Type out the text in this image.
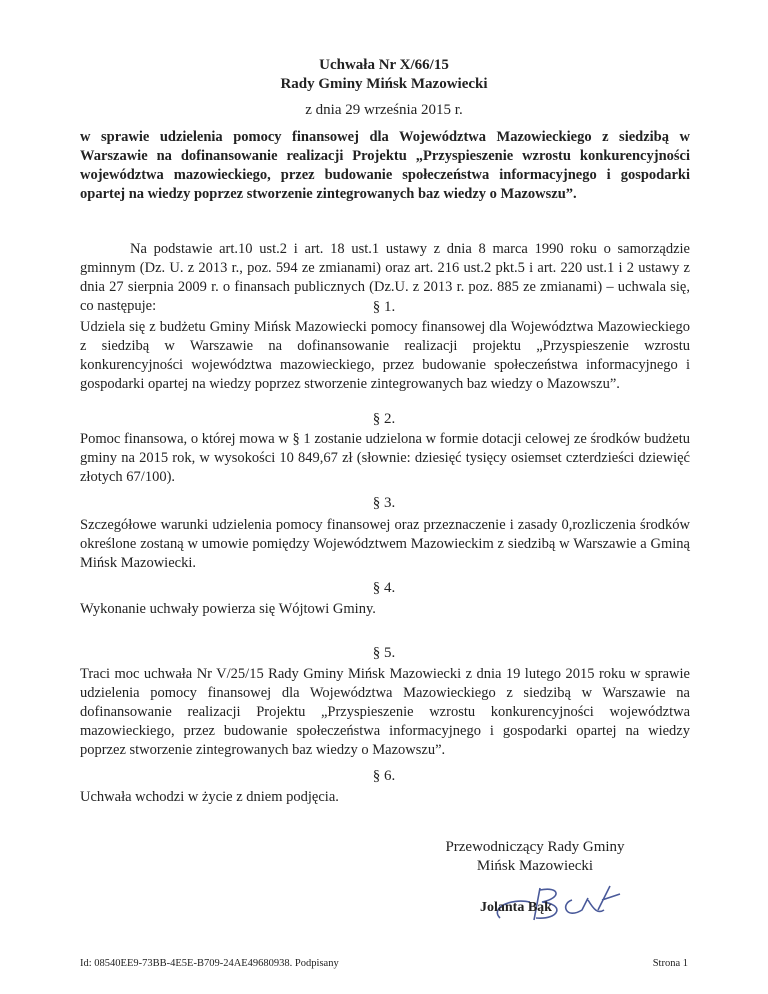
Uchwała Nr X/66/15
Rady Gminy Mińsk Mazowiecki
z dnia 29 września 2015 r.
w sprawie udzielenia pomocy finansowej dla Województwa Mazowieckiego z siedzibą w Warszawie na dofinansowanie realizacji Projektu „Przyspieszenie wzrostu konkurencyjności województwa mazowieckiego, przez budowanie społeczeństwa informacyjnego i gospodarki opartej na wiedzy poprzez stworzenie zintegrowanych baz wiedzy o Mazowszu”.
Na podstawie art.10 ust.2 i art. 18 ust.1 ustawy z dnia 8 marca 1990 roku o samorządzie gminnym (Dz. U. z 2013 r., poz. 594 ze zmianami) oraz art. 216 ust.2 pkt.5 i art. 220 ust.1 i 2 ustawy z dnia 27 sierpnia 2009 r. o finansach publicznych (Dz.U. z 2013 r. poz. 885 ze zmianami) – uchwala się, co następuje:	§ 1.
Udziela się z budżetu Gminy Mińsk Mazowiecki pomocy finansowej dla Województwa Mazowieckiego z siedzibą w Warszawie na dofinansowanie realizacji projektu „Przyspieszenie wzrostu konkurencyjności województwa mazowieckiego, przez budowanie społeczeństwa informacyjnego i gospodarki opartej na wiedzy poprzez stworzenie zintegrowanych baz wiedzy o Mazowszu”.
§ 2.
Pomoc finansowa, o której mowa w § 1 zostanie udzielona w formie dotacji celowej ze środków budżetu gminy na 2015 rok, w wysokości 10 849,67 zł (słownie: dziesięć tysięcy osiemset czterdzieści dziewięć złotych 67/100).
§ 3.
Szczegółowe warunki udzielenia pomocy finansowej oraz przeznaczenie i zasady 0,rozliczenia środków określone zostaną w umowie pomiędzy Województwem Mazowieckim z siedzibą w Warszawie a Gminą Mińsk Mazowiecki.
§ 4.
Wykonanie uchwały powierza się Wójtowi Gminy.
§ 5.
Traci moc uchwała Nr V/25/15 Rady Gminy Mińsk Mazowiecki z dnia 19 lutego 2015 roku w sprawie udzielenia pomocy finansowej dla Województwa Mazowieckiego z siedzibą w Warszawie na dofinansowanie realizacji Projektu „Przyspieszenie wzrostu konkurencyjności województwa mazowieckiego, przez budowanie społeczeństwa informacyjnego i gospodarki opartej na wiedzy poprzez stworzenie zintegrowanych baz wiedzy o Mazowszu”.
§ 6.
Uchwała wchodzi w życie z dniem podjęcia.
Przewodniczący Rady Gminy
Mińsk Mazowiecki
Jolanta Bąk
Id: 08540EE9-73BB-4E5E-B709-24AE49680938. Podpisany	Strona 1
